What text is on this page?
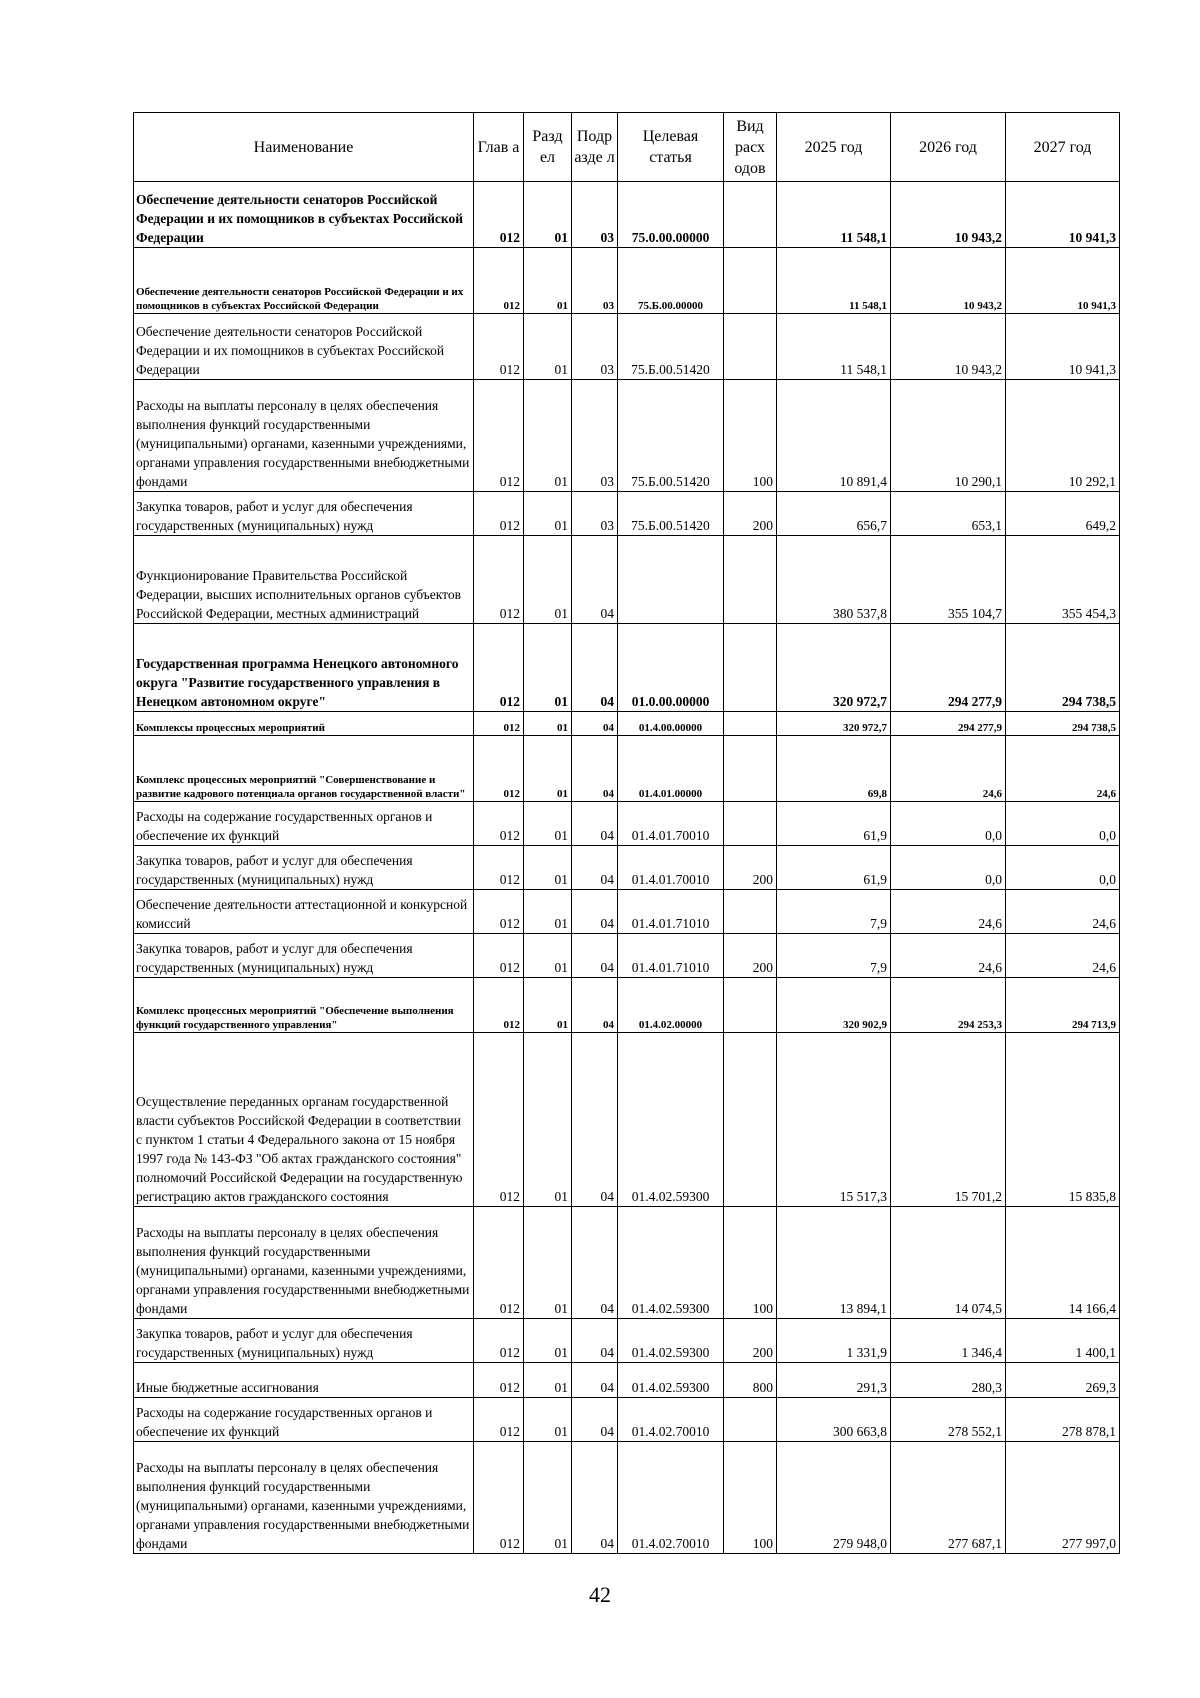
Наименование	Глав а	Разд ел	Подр азде л	Целевая статья	Вид расх одов	2025 год	2026 год	2027 год
Обеспечение деятельности сенаторов Российской Федерации и их помощников в субъектах Российской Федерации	012	01	03	75.0.00.00000		11 548,1	10 943,2	10 941,3
Обеспечение деятельности сенаторов Российской Федерации и их помощников в субъектах Российской Федерации	012	01	03	75.Б.00.00000		11 548,1	10 943,2	10 941,3
Обеспечение деятельности сенаторов Российской Федерации и их помощников в субъектах Российской Федерации	012	01	03	75.Б.00.51420		11 548,1	10 943,2	10 941,3
Расходы на выплаты персоналу в целях обеспечения выполнения функций государственными (муниципальными) органами, казенными учреждениями, органами управления государственными внебюджетными фондами	012	01	03	75.Б.00.51420	100	10 891,4	10 290,1	10 292,1
Закупка товаров, работ и услуг для обеспечения государственных (муниципальных) нужд	012	01	03	75.Б.00.51420	200	656,7	653,1	649,2
Функционирование Правительства Российской Федерации, высших исполнительных органов субъектов Российской Федерации, местных администраций	012	01	04			380 537,8	355 104,7	355 454,3
Государственная программа Ненецкого автономного округа "Развитие государственного управления в Ненецком автономном округе"	012	01	04	01.0.00.00000		320 972,7	294 277,9	294 738,5
Комплексы процессных мероприятий	012	01	04	01.4.00.00000		320 972,7	294 277,9	294 738,5
Комплекс процессных мероприятий "Совершенствование и развитие кадрового потенциала органов государственной власти"	012	01	04	01.4.01.00000		69,8	24,6	24,6
Расходы на содержание государственных органов и обеспечение их функций	012	01	04	01.4.01.70010		61,9	0,0	0,0
Закупка товаров, работ и услуг для обеспечения государственных (муниципальных) нужд	012	01	04	01.4.01.70010	200	61,9	0,0	0,0
Обеспечение деятельности аттестационной и конкурсной комиссий	012	01	04	01.4.01.71010		7,9	24,6	24,6
Закупка товаров, работ и услуг для обеспечения государственных (муниципальных) нужд	012	01	04	01.4.01.71010	200	7,9	24,6	24,6
Комплекс процессных мероприятий "Обеспечение выполнения функций государственного управления"	012	01	04	01.4.02.00000		320 902,9	294 253,3	294 713,9
Осуществление переданных органам государственной власти субъектов Российской Федерации в соответствии с пунктом 1 статьи 4 Федерального закона от 15 ноября 1997 года № 143-ФЗ "Об актах гражданского состояния" полномочий Российской Федерации на государственную регистрацию актов гражданского состояния	012	01	04	01.4.02.59300		15 517,3	15 701,2	15 835,8
Расходы на выплаты персоналу в целях обеспечения выполнения функций государственными (муниципальными) органами, казенными учреждениями, органами управления государственными внебюджетными фондами	012	01	04	01.4.02.59300	100	13 894,1	14 074,5	14 166,4
Закупка товаров, работ и услуг для обеспечения государственных (муниципальных) нужд	012	01	04	01.4.02.59300	200	1 331,9	1 346,4	1 400,1
Иные бюджетные ассигнования	012	01	04	01.4.02.59300	800	291,3	280,3	269,3
Расходы на содержание государственных органов и обеспечение их функций	012	01	04	01.4.02.70010		300 663,8	278 552,1	278 878,1
Расходы на выплаты персоналу в целях обеспечения выполнения функций государственными (муниципальными) органами, казенными учреждениями, органами управления государственными внебюджетными фондами	012	01	04	01.4.02.70010	100	279 948,0	277 687,1	277 997,0
42
